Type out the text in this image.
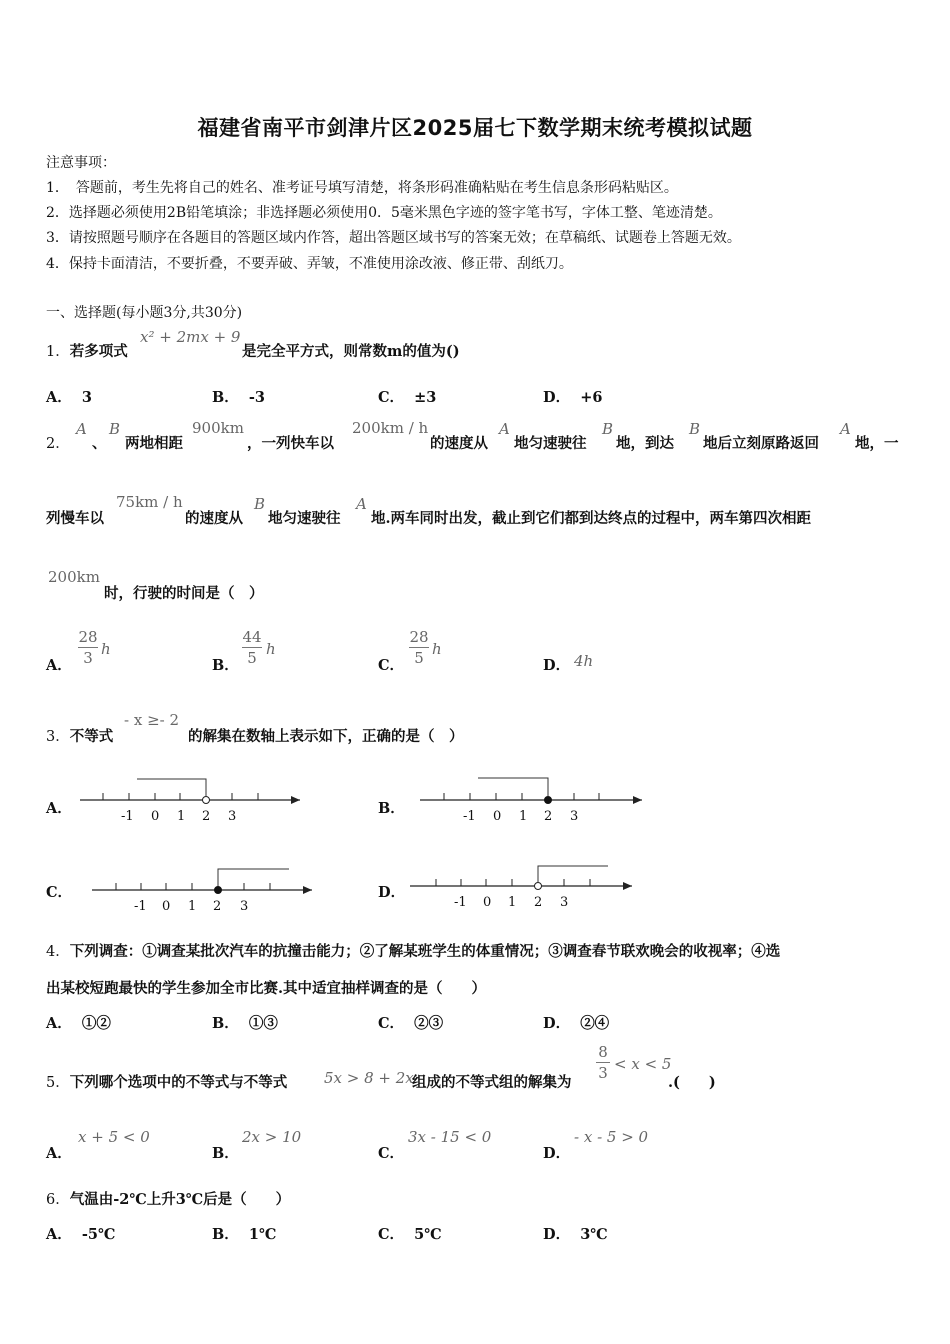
福建省南平市剑津片区2025届七下数学期末统考模拟试题
注意事项：
1．　答题前，考生先将自己的姓名、准考证号填写清楚，将条形码准确粘贴在考生信息条形码粘贴区。
2．选择题必须使用2B铅笔填涂；非选择题必须使用0．5毫米黑色字迹的签字笔书写，字体工整、笔迹清楚。
3．请按照题号顺序在各题目的答题区域内作答，超出答题区域书写的答案无效；在草稿纸、试题卷上答题无效。
4．保持卡面清洁，不要折叠，不要弄破、弄皱，不准使用涂改液、修正带、刮纸刀。
一、选择题(每小题3分,共30分)
1．若多项式
x² + 2mx + 9
是完全平方式，则常数m的值为()
A． 3	B． -3	C． ±3	D． +6
2．
A
、
B
两地相距
900km
，一列快车以
200km / h
的速度从
A
地匀速驶往
B
地，到达
B
地后立刻原路返回
A
地，一
列慢车以
75km / h
的速度从
B
地匀速驶往
A
地.两车同时出发，截止到它们都到达终点的过程中，两车第四次相距
200km
时，行驶的时间是（　）
A．
28
3 h
B．
44
5 h
C．
28
5 h
D． 4h
3．不等式
- x ≥- 2
的解集在数轴上表示如下，正确的是（　）
A．	B．
C．	D．
-1 0 1 2 3	-1 0 1 2 3
-1 0 1 2 3	-1 0 1 2 3
4．下列调查：①调查某批次汽车的抗撞击能力；②了解某班学生的体重情况；③调查春节联欢晚会的收视率；④选
出某校短跑最快的学生参加全市比赛.其中适宜抽样调查的是（　　）
A． ①②	B． ①③	C． ②③	D． ②④
5．下列哪个选项中的不等式与不等式 5x > 8 + 2x
组成的不等式组的解集为
8
3 < x < 5
.(　　)
A．
x + 5 < 0
B．
2x > 10
C．
3x - 15 < 0
D．
- x - 5 > 0
6．气温由-2℃上升3℃后是（　　）
A． -5℃	B． 1℃	C． 5℃	D． 3℃
